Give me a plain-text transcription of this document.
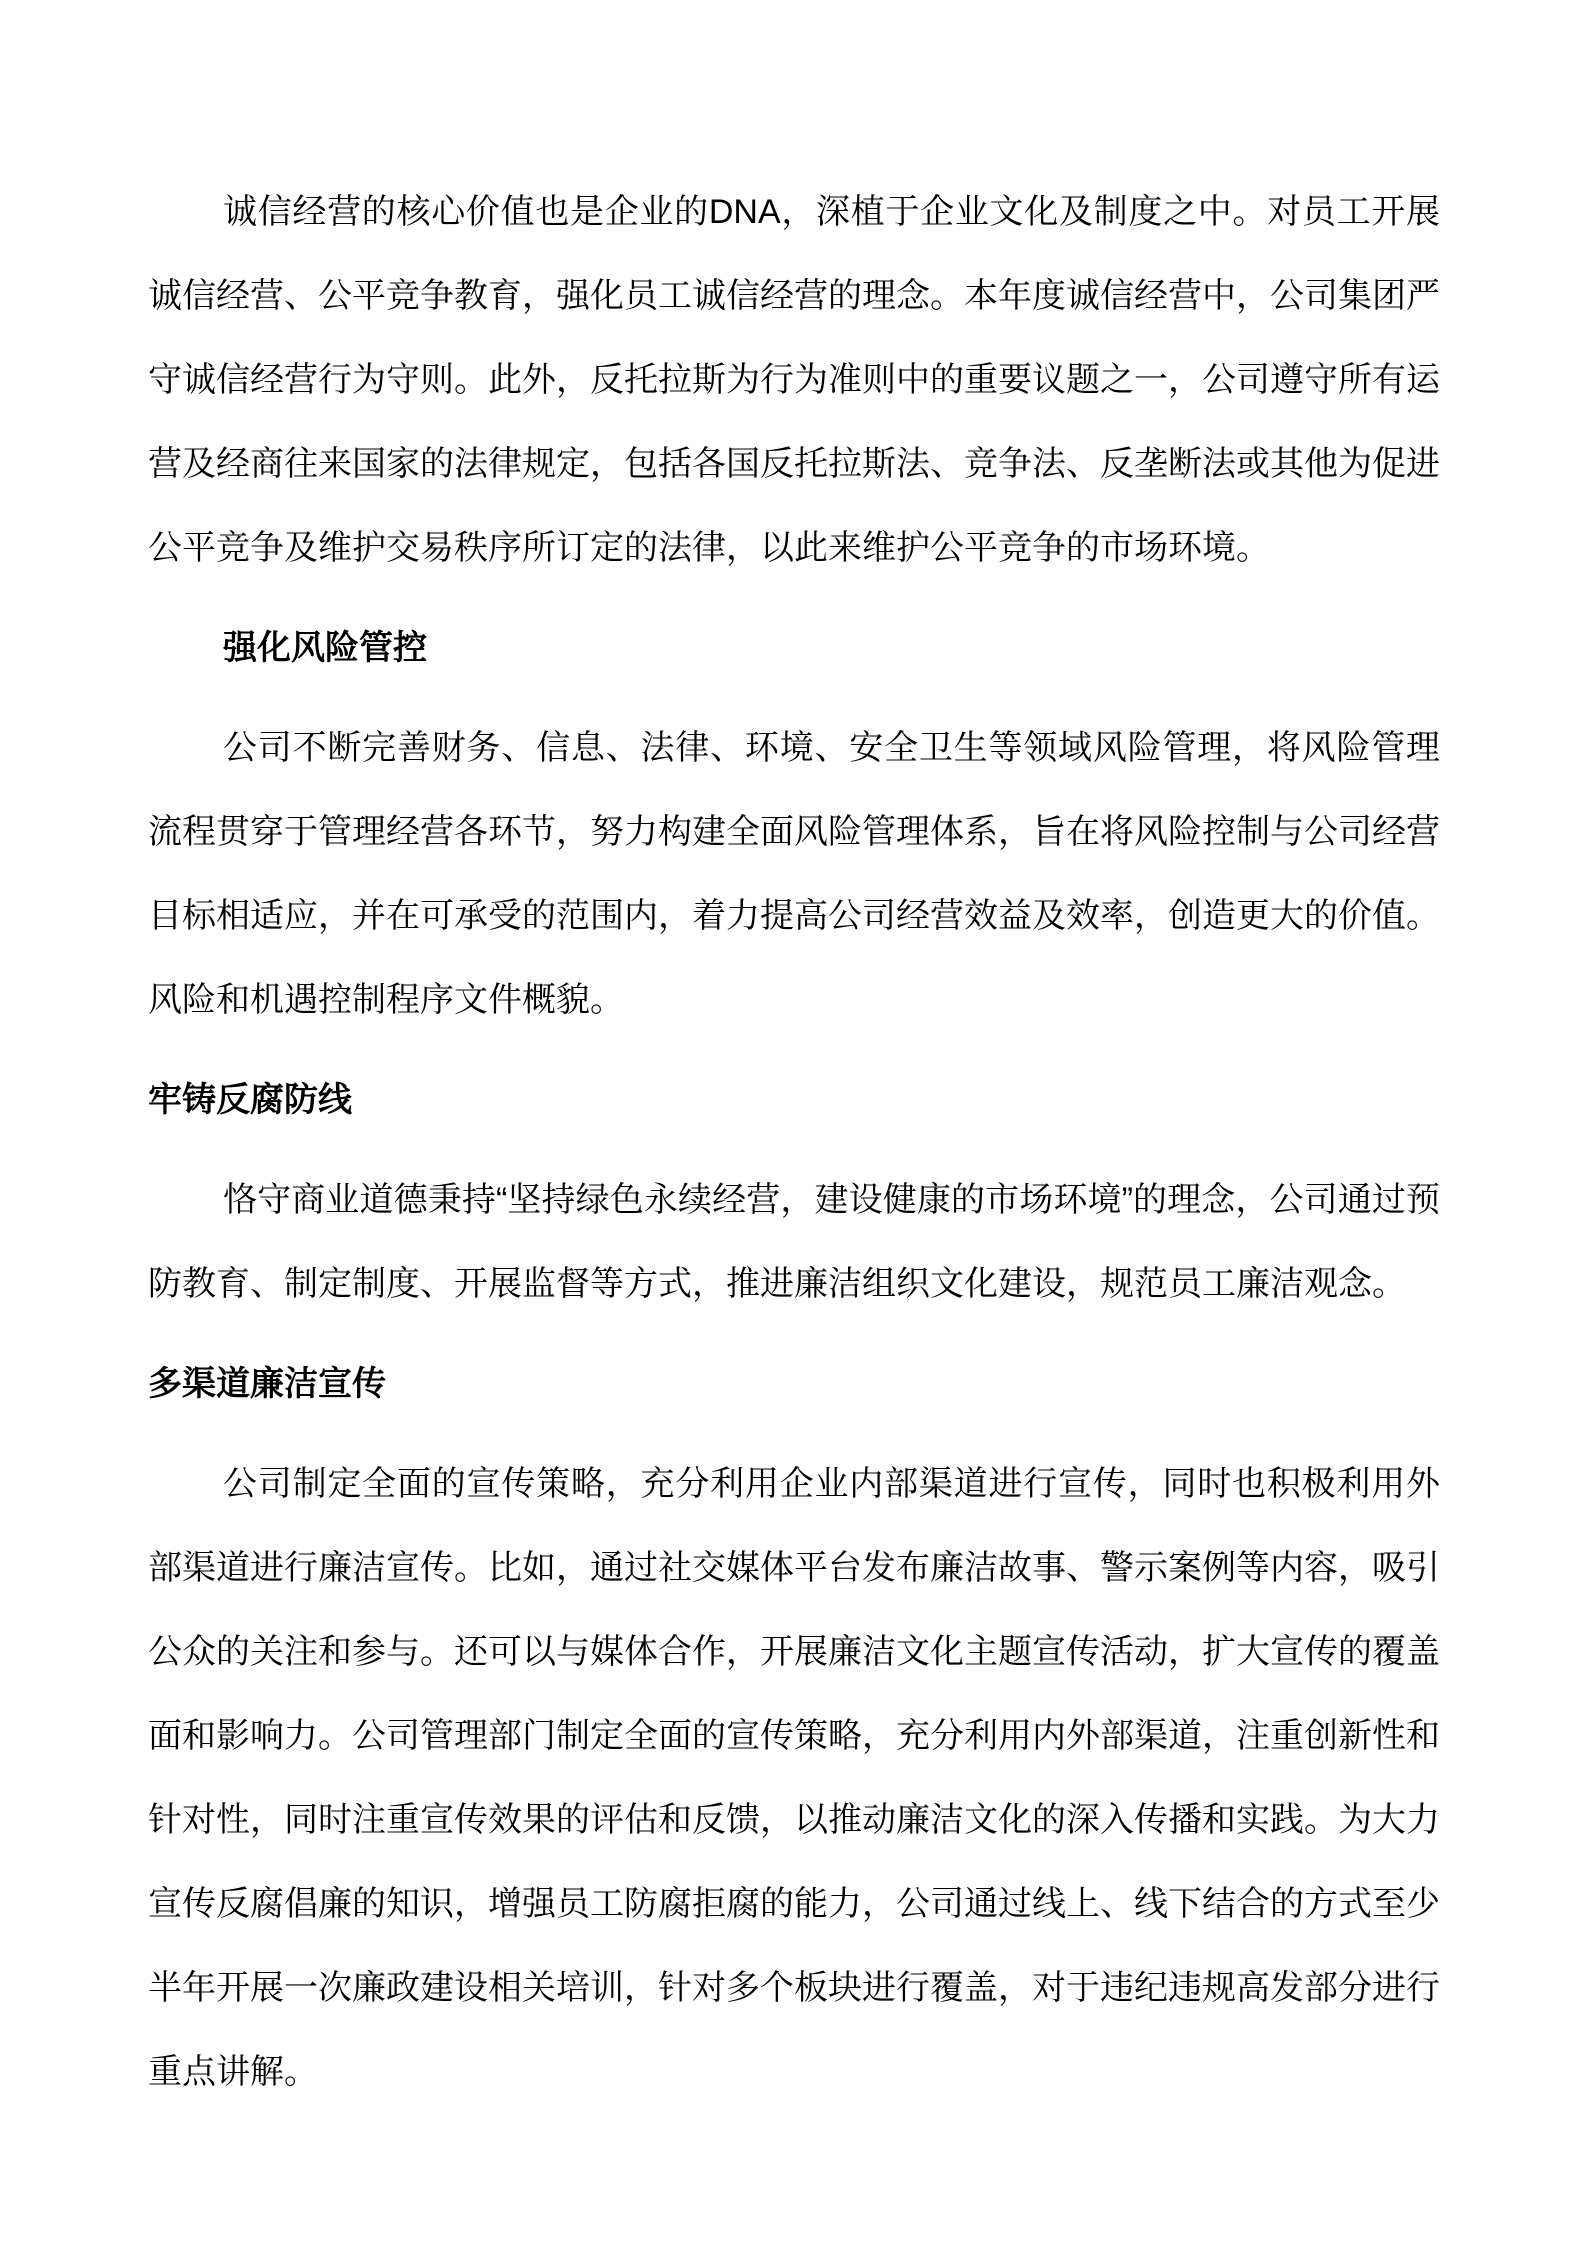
诚信经营的核心价值也是企业的DNA，深植于企业文化及制度之中。对员工开展诚信经营、公平竞争教育，强化员工诚信经营的理念。本年度诚信经营中，公司集团严守诚信经营行为守则。此外，反托拉斯为行为准则中的重要议题之一，公司遵守所有运营及经商往来国家的法律规定，包括各国反托拉斯法、竞争法、反垄断法或其他为促进公平竞争及维护交易秩序所订定的法律，以此来维护公平竞争的市场环境。

强化风险管控

公司不断完善财务、信息、法律、环境、安全卫生等领域风险管理，将风险管理流程贯穿于管理经营各环节，努力构建全面风险管理体系，旨在将风险控制与公司经营目标相适应，并在可承受的范围内，着力提高公司经营效益及效率，创造更大的价值。风险和机遇控制程序文件概貌。

牢铸反腐防线

恪守商业道德秉持“坚持绿色永续经营，建设健康的市场环境”的理念，公司通过预防教育、制定制度、开展监督等方式，推进廉洁组织文化建设，规范员工廉洁观念。

多渠道廉洁宣传

公司制定全面的宣传策略，充分利用企业内部渠道进行宣传，同时也积极利用外部渠道进行廉洁宣传。比如，通过社交媒体平台发布廉洁故事、警示案例等内容，吸引公众的关注和参与。还可以与媒体合作，开展廉洁文化主题宣传活动，扩大宣传的覆盖面和影响力。公司管理部门制定全面的宣传策略，充分利用内外部渠道，注重创新性和针对性，同时注重宣传效果的评估和反馈，以推动廉洁文化的深入传播和实践。为大力宣传反腐倡廉的知识，增强员工防腐拒腐的能力，公司通过线上、线下结合的方式至少半年开展一次廉政建设相关培训，针对多个板块进行覆盖，对于违纪违规高发部分进行重点讲解。
